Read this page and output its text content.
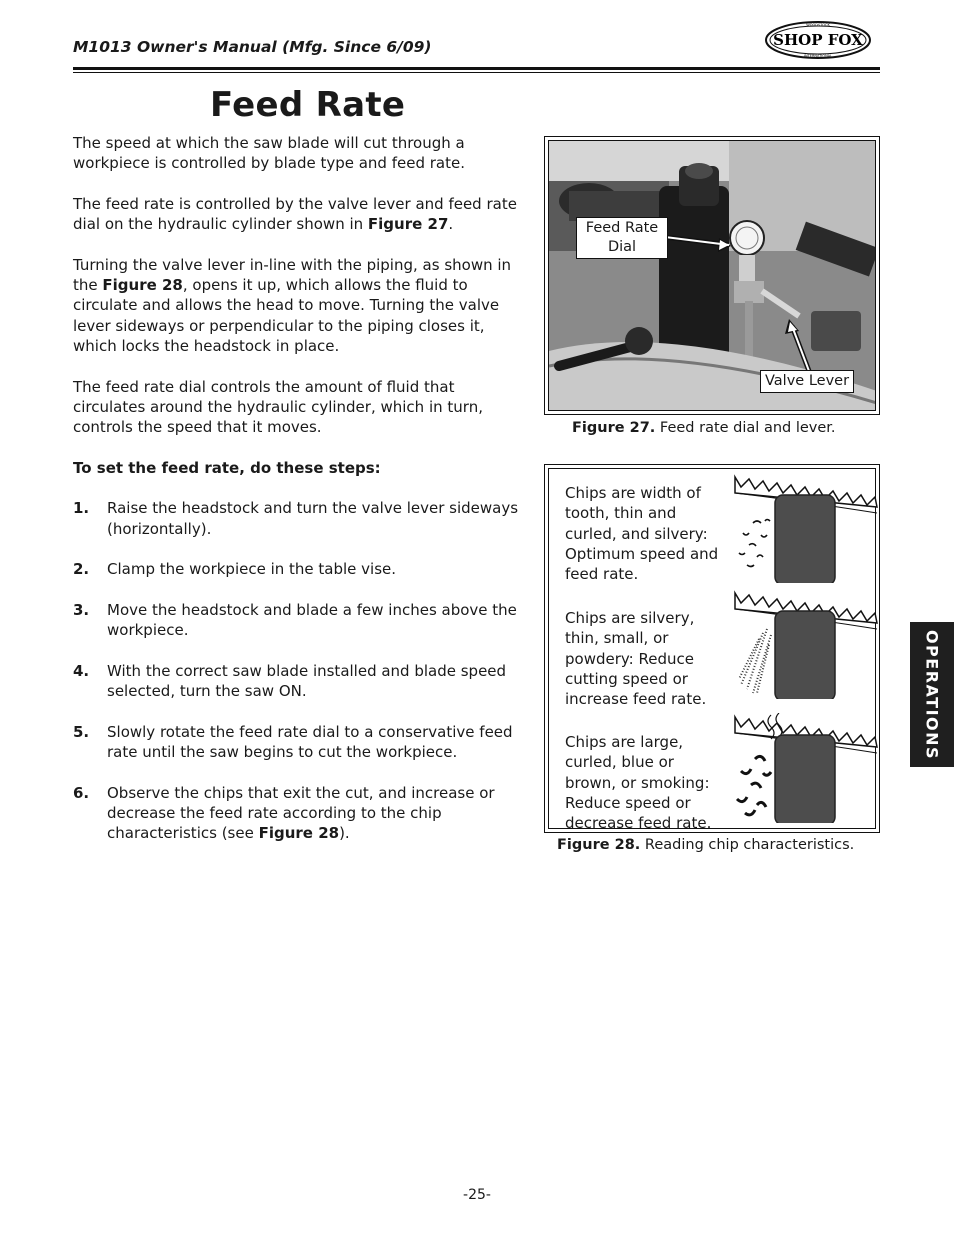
M1013 Owner's Manual (Mfg. Since 6/09)	SHOP FOX
WOODSTOCK
INTERNATIONAL
Feed Rate

The speed at which the saw blade will cut through a workpiece is controlled by blade type and feed rate.

The feed rate is controlled by the valve lever and feed rate dial on the hydraulic cylinder shown in Figure 27.

Turning the valve lever in-line with the piping, as shown in the Figure 28, opens it up, which allows the fluid to circulate and allows the head to move. Turning the valve lever sideways or perpendicular to the piping closes it, which locks the headstock in place.

The feed rate dial controls the amount of fluid that circulates around the hydraulic cylinder, which in turn, controls the speed that it moves.

To set the feed rate, do these steps:

1. Raise the headstock and turn the valve lever sideways (horizontally).
2. Clamp the workpiece in the table vise.
3. Move the headstock and blade a few inches above the workpiece.
4. With the correct saw blade installed and blade speed selected, turn the saw ON.
5. Slowly rotate the feed rate dial to a conservative feed rate until the saw begins to cut the workpiece.
6. Observe the chips that exit the cut, and increase or decrease the feed rate according to the chip characteristics (see Figure 28).
Feed Rate Dial
Valve Lever
Figure 27. Feed rate dial and lever.
Chips are width of tooth, thin and curled, and silvery: Optimum speed and feed rate.
Chips are silvery, thin, small, or powdery: Reduce cutting speed or increase feed rate.
Chips are large, curled, blue or brown, or smoking: Reduce speed or decrease feed rate.
Figure 28. Reading chip characteristics.
OPERATIONS
-25-
